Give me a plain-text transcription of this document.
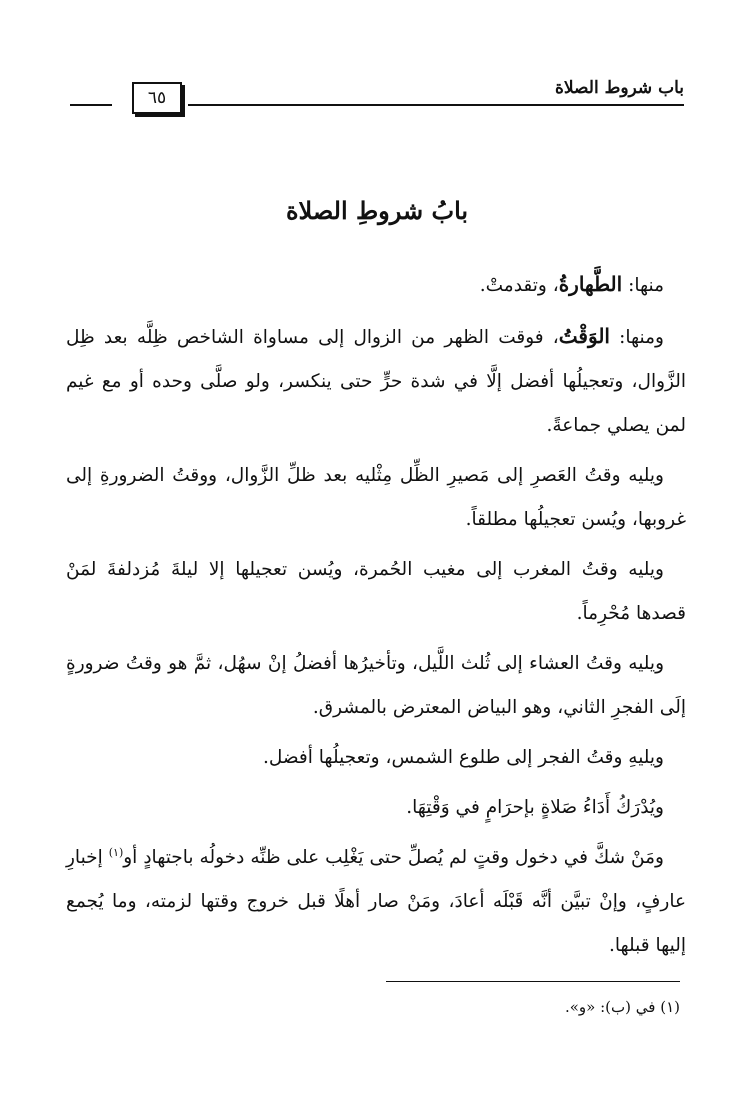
باب شروط الصلاة
٦٥
بابُ شروطِ الصلاة

منها: الطَّهارةُ، وتقدمتْ.

ومنها: الوَقْتُ، فوقت الظهر من الزوال إلى مساواة الشاخص ظِلَّه بعد ظِل الزَّوال، وتعجيلُها أفضل إلَّا في شدة حرٍّ حتى ينكسر، ولو صلَّى وحده أو مع غيم لمن يصلي جماعةً.

ويليه وقتُ العَصرِ إلى مَصيرِ الظِّل مِثْليه بعد ظلِّ الزَّوال، ووقتُ الضرورةِ إلى غروبها، ويُسن تعجيلُها مطلقاً.

ويليه وقتُ المغرب إلى مغيب الحُمرة، ويُسن تعجيلها إلا ليلةَ مُزدلفةَ لمَنْ قصدها مُحْرِماً.

ويليه وقتُ العشاء إلى ثُلث اللَّيل، وتأخيرُها أفضلُ إنْ سهُل، ثمَّ هو وقتُ ضرورةٍ إلَى الفجرِ الثاني، وهو البياض المعترض بالمشرق.

ويليهِ وقتُ الفجر إلى طلوع الشمس، وتعجيلُها أفضل.

ويُدْرَكُ أَدَاءُ صَلاةٍ بإحرَامٍ في وَقْتِهَا.

ومَنْ شكَّ في دخول وقتٍ لم يُصلِّ حتى يَغْلِب على ظنِّه دخولُه باجتهادٍ أو$^{(١)}$ إخبارِ عارفٍ، وإنْ تبيَّن أنَّه قَبْلَه أعادَ، ومَنْ صار أهلًا قبل خروج وقتها لزمته، وما يُجمع إليها قبلها.

(١) في (ب): «و».
